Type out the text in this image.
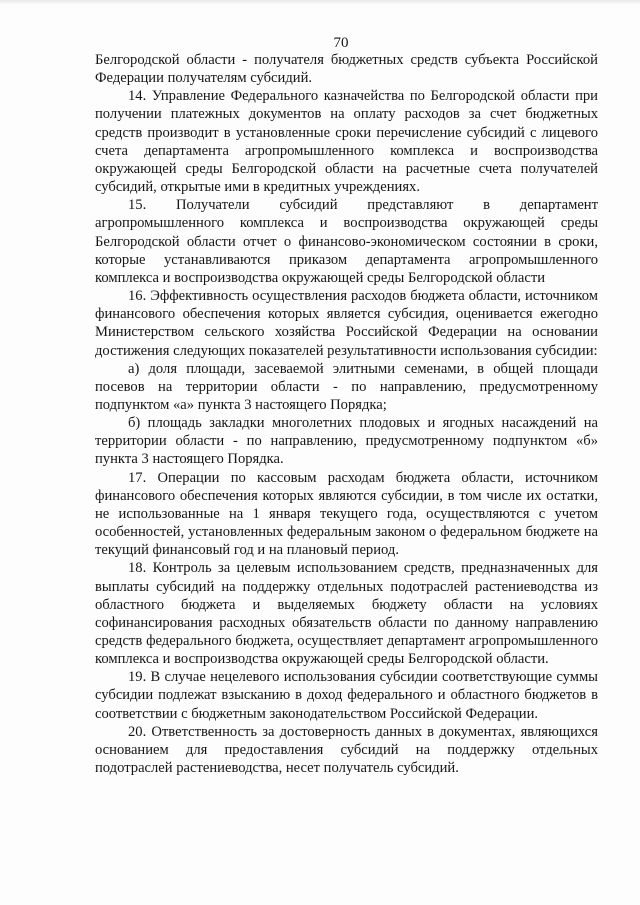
70

Белгородской области - получателя бюджетных средств субъекта Российской Федерации получателям субсидий.

14. Управление Федерального казначейства по Белгородской области при получении платежных документов на оплату расходов за счет бюджетных средств производит в установленные сроки перечисление субсидий с лицевого счета департамента агропромышленного комплекса и воспроизводства окружающей среды Белгородской области на расчетные счета получателей субсидий, открытые ими в кредитных учреждениях.

15. Получатели субсидий представляют в департамент агропромышленного комплекса и воспроизводства окружающей среды Белгородской области отчет о финансово-экономическом состоянии в сроки, которые устанавливаются приказом департамента агропромышленного комплекса и воспроизводства окружающей среды Белгородской области

16. Эффективность осуществления расходов бюджета области, источником финансового обеспечения которых является субсидия, оценивается ежегодно Министерством сельского хозяйства Российской Федерации на основании достижения следующих показателей результативности использования субсидии:

а) доля площади, засеваемой элитными семенами, в общей площади посевов на территории области - по направлению, предусмотренному подпунктом «а» пункта 3 настоящего Порядка;

б) площадь закладки многолетних плодовых и ягодных насаждений на территории области - по направлению, предусмотренному подпунктом «б» пункта 3 настоящего Порядка.

17. Операции по кассовым расходам бюджета области, источником финансового обеспечения которых являются субсидии, в том числе их остатки, не использованные на 1 января текущего года, осуществляются с учетом особенностей, установленных федеральным законом о федеральном бюджете на текущий финансовый год и на плановый период.

18. Контроль за целевым использованием средств, предназначенных для выплаты субсидий на поддержку отдельных подотраслей растениеводства из областного бюджета и выделяемых бюджету области на условиях софинансирования расходных обязательств области по данному направлению средств федерального бюджета, осуществляет департамент агропромышленного комплекса и воспроизводства окружающей среды Белгородской области.

19. В случае нецелевого использования субсидии соответствующие суммы субсидии подлежат взысканию в доход федерального и областного бюджетов в соответствии с бюджетным законодательством Российской Федерации.

20. Ответственность за достоверность данных в документах, являющихся основанием для предоставления субсидий на поддержку отдельных подотраслей растениеводства, несет получатель субсидий.
